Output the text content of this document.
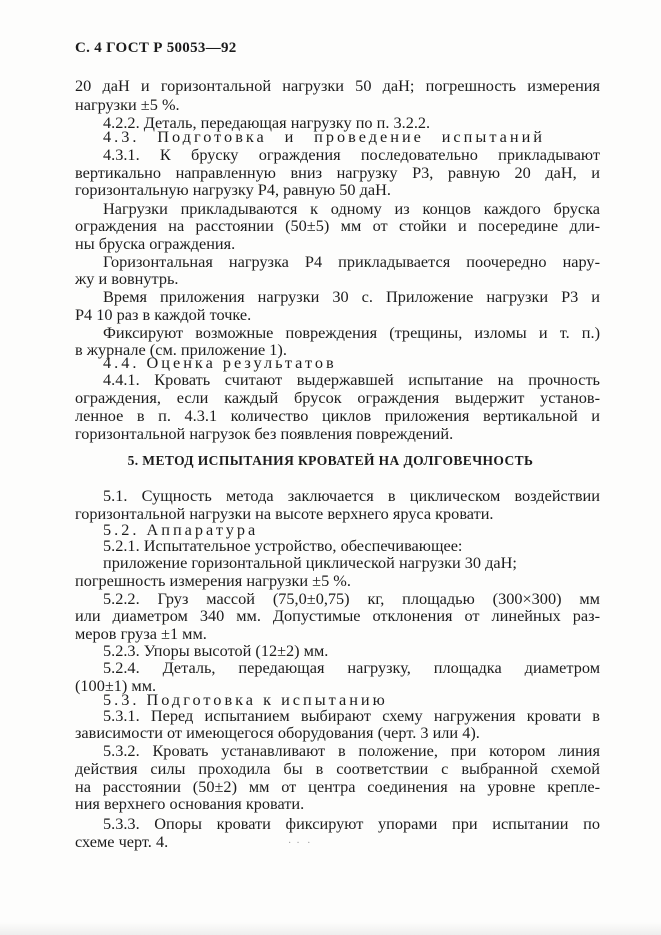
С. 4 ГОСТ Р 50053—92
20 даН и горизонтальной нагрузки 50 даН; погрешность измерения
нагрузки ±5 %.
4.2.2. Деталь, передающая нагрузку по п. 3.2.2.
4.3. Подготовка и проведение испытаний
4.3.1. К бруску ограждения последовательно прикладывают
вертикально направленную вниз нагрузку P3, равную 20 даН, и
горизонтальную нагрузку P4, равную 50 даН.
Нагрузки прикладываются к одному из концов каждого бруска
ограждения на расстоянии (50±5) мм от стойки и посередине дли-
ны бруска ограждения.
Горизонтальная нагрузка P4 прикладывается поочередно нару-
жу и вовнутрь.
Время приложения нагрузки 30 с. Приложение нагрузки P3 и
P4 10 раз в каждой точке.
Фиксируют возможные повреждения (трещины, изломы и т. п.)
в журнале (см. приложение 1).
4.4. Оценка результатов
4.4.1. Кровать считают выдержавшей испытание на прочность
ограждения, если каждый брусок ограждения выдержит установ-
ленное в п. 4.3.1 количество циклов приложения вертикальной и
горизонтальной нагрузок без появления повреждений.
5. МЕТОД ИСПЫТАНИЯ КРОВАТЕЙ НА ДОЛГОВЕЧНОСТЬ
5.1. Сущность метода заключается в циклическом воздействии
горизонтальной нагрузки на высоте верхнего яруса кровати.
5.2. Аппаратура
5.2.1. Испытательное устройство, обеспечивающее:
приложение горизонтальной циклической нагрузки 30 даН;
погрешность измерения нагрузки ±5 %.
5.2.2. Груз массой (75,0±0,75) кг, площадью (300×300) мм
или диаметром 340 мм. Допустимые отклонения от линейных раз-
меров груза ±1 мм.
5.2.3. Упоры высотой (12±2) мм.
5.2.4. Деталь, передающая нагрузку, площадка диаметром
(100±1) мм.
5.3. Подготовка к испытанию
5.3.1. Перед испытанием выбирают схему нагружения кровати в
зависимости от имеющегося оборудования (черт. 3 или 4).
5.3.2. Кровать устанавливают в положение, при котором линия
действия силы проходила бы в соответствии с выбранной схемой
на расстоянии (50±2) мм от центра соединения на уровне крепле-
ния верхнего основания кровати.
5.3.3. Опоры кровати фиксируют упорами при испытании по
схеме черт. 4.	·  ·   ·
